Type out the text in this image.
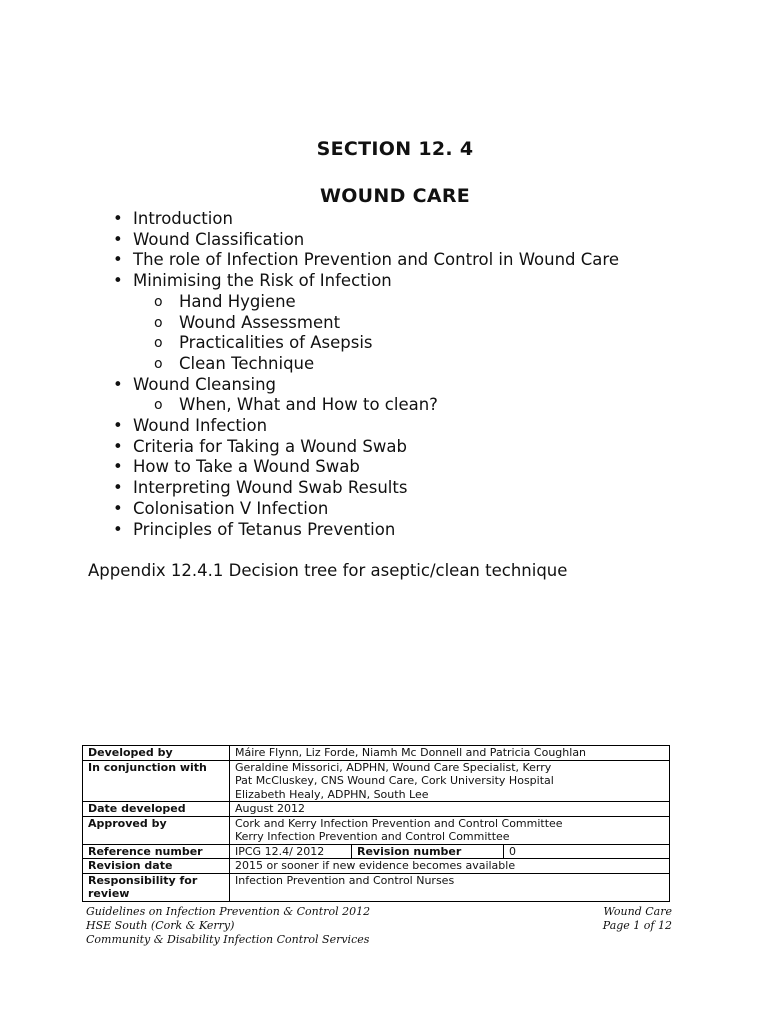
SECTION 12. 4
WOUND CARE
• Introduction
• Wound Classification
• The role of Infection Prevention and Control in Wound Care
• Minimising the Risk of Infection
o Hand Hygiene
o Wound Assessment
o Practicalities of Asepsis
o Clean Technique
• Wound Cleansing
o When, What and How to clean?
• Wound Infection
• Criteria for Taking a Wound Swab
• How to Take a Wound Swab
• Interpreting Wound Swab Results
• Colonisation V Infection
• Principles of Tetanus Prevention
Appendix 12.4.1 Decision tree for aseptic/clean technique
Developed by	Máire Flynn, Liz Forde, Niamh Mc Donnell and Patricia Coughlan		
In conjunction with	Geraldine Missorici, ADPHN, Wound Care Specialist, Kerry
Pat McCluskey, CNS Wound Care, Cork University Hospital
Elizabeth Healy, ADPHN, South Lee		

Date developed	August 2012		
Approved by	Cork and Kerry Infection Prevention and Control Committee
Kerry Infection Prevention and Control Committee		

Reference number	IPCG 12.4/ 2012	Revision number	0
Revision date	2015 or sooner if new evidence becomes available		
Responsibility for review	Infection Prevention and Control Nurses		
Guidelines on Infection Prevention & Control 2012
HSE South (Cork & Kerry)
Community & Disability Infection Control Services
Wound Care
Page 1 of 12
